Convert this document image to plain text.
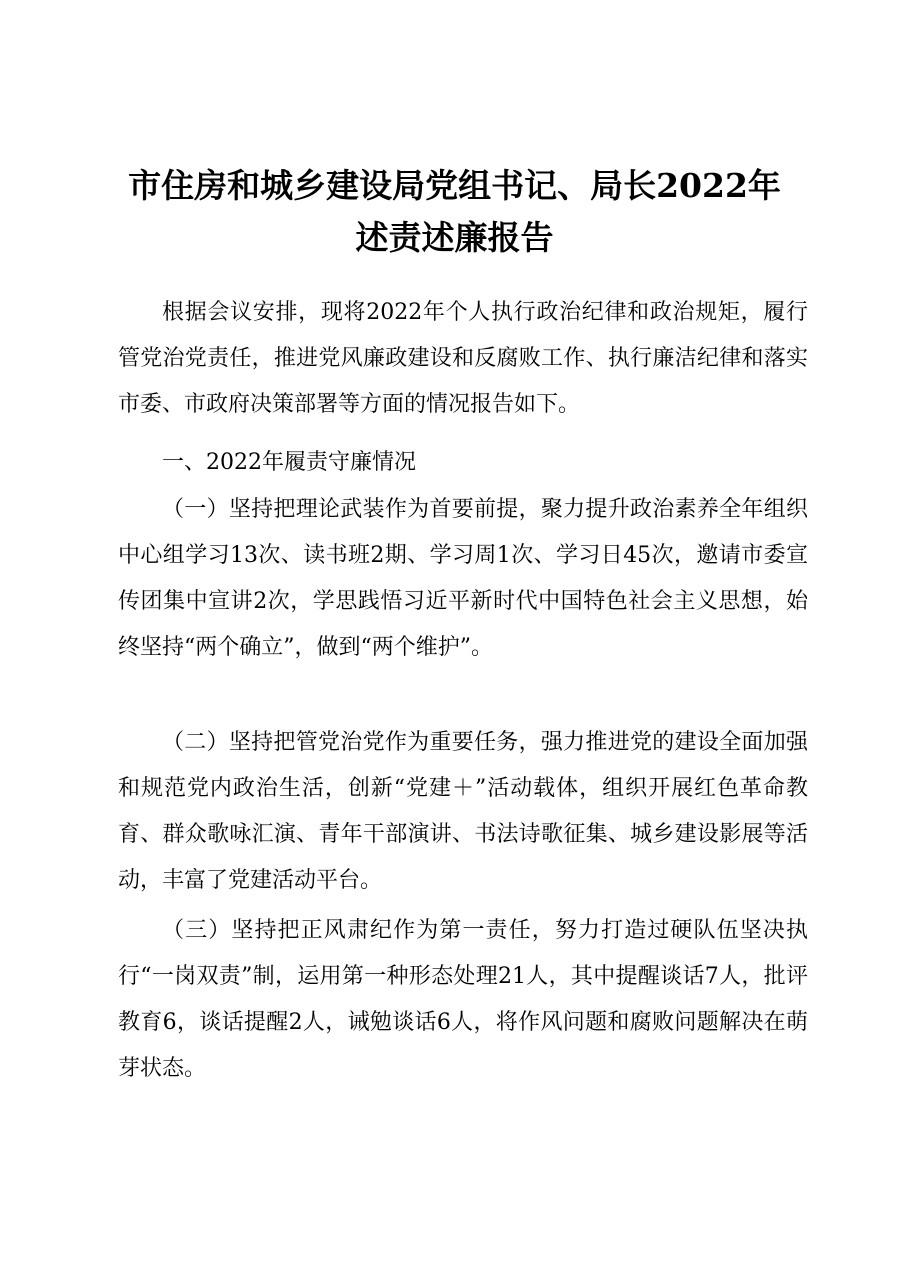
市住房和城乡建设局党组书记、局长2022年
述责述廉报告

根据会议安排，现将2022年个人执行政治纪律和政治规矩，履行管党治党责任，推进党风廉政建设和反腐败工作、执行廉洁纪律和落实市委、市政府决策部署等方面的情况报告如下。

一、2022年履责守廉情况

（一）坚持把理论武装作为首要前提，聚力提升政治素养全年组织中心组学习13次、读书班2期、学习周1次、学习日45次，邀请市委宣传团集中宣讲2次，学思践悟习近平新时代中国特色社会主义思想，始终坚持“两个确立”，做到“两个维护”。

（二）坚持把管党治党作为重要任务，强力推进党的建设全面加强和规范党内政治生活，创新“党建＋”活动载体，组织开展红色革命教育、群众歌咏汇演、青年干部演讲、书法诗歌征集、城乡建设影展等活动，丰富了党建活动平台。

（三）坚持把正风肃纪作为第一责任，努力打造过硬队伍坚决执行“一岗双责”制，运用第一种形态处理21人，其中提醒谈话7人，批评教育6，谈话提醒2人，诫勉谈话6人，将作风问题和腐败问题解决在萌芽状态。
